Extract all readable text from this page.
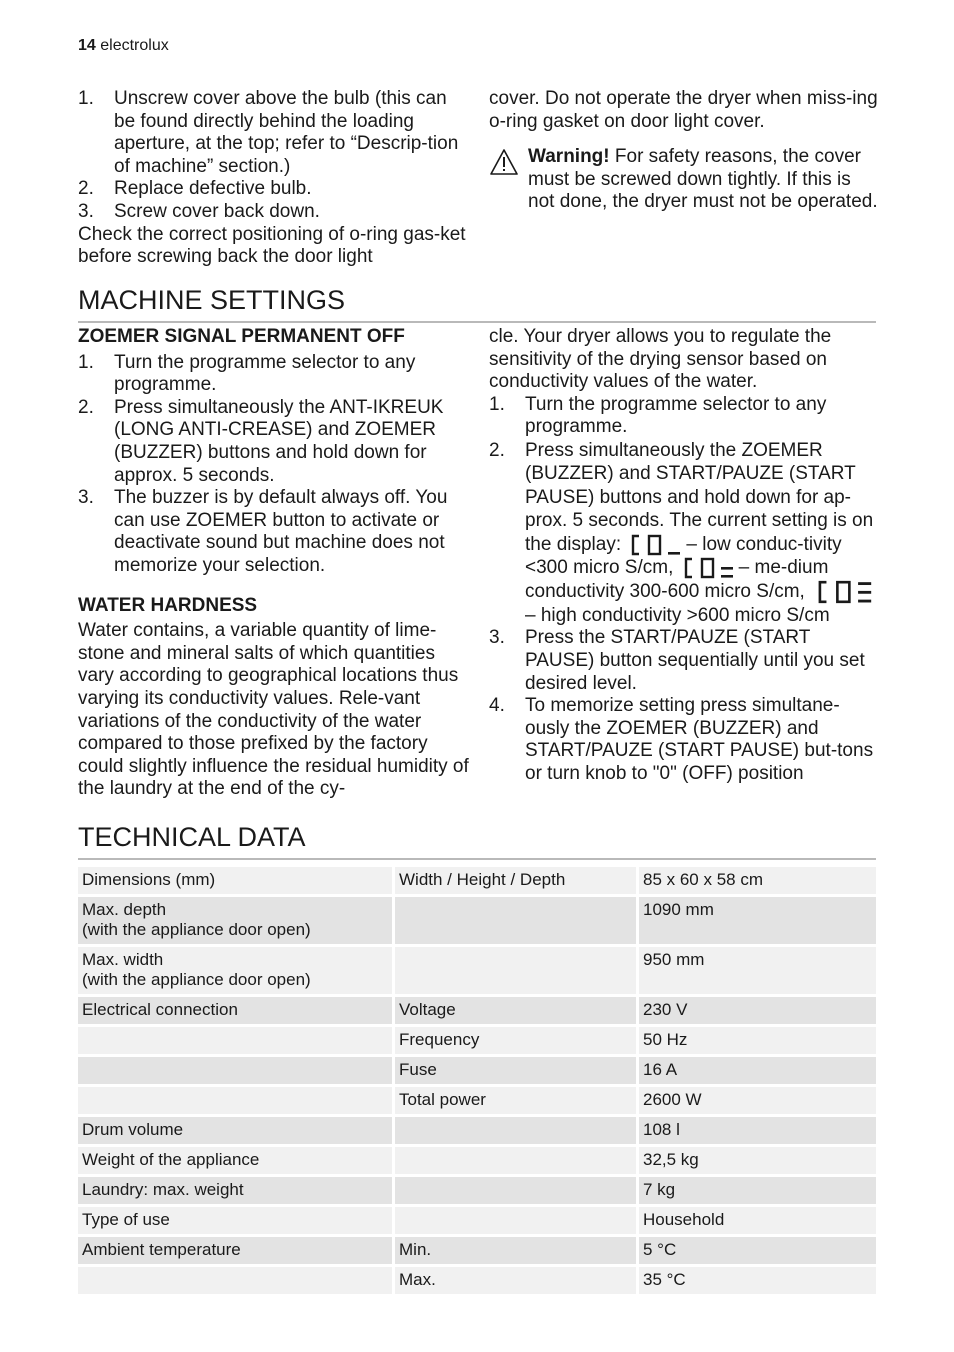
14 electrolux
1. Unscrew cover above the bulb (this can be found directly behind the loading aperture, at the top; refer to “Descrip-tion of machine” section.)
2. Replace defective bulb.
3. Screw cover back down.

Check the correct positioning of o-ring gas-ket before screwing back the door light

cover. Do not operate the dryer when miss-ing o-ring gasket on door light cover.

Warning! For safety reasons, the cover must be screwed down tightly. If this is not done, the dryer must not be operated.
MACHINE SETTINGS
ZOEMER SIGNAL PERMANENT OFF
1. Turn the programme selector to any programme.
2. Press simultaneously the ANT-IKREUK (LONG ANTI-CREASE) and ZOEMER (BUZZER) buttons and hold down for approx. 5 seconds.
3. The buzzer is by default always off. You can use ZOEMER button to activate or deactivate sound but machine does not memorize your selection.
WATER HARDNESS

Water contains, a variable quantity of lime-stone and mineral salts of which quantities vary according to geographical locations thus varying its conductivity values. Rele-vant variations of the conductivity of the water compared to those prefixed by the factory could slightly influence the residual humidity of the laundry at the end of the cy-

cle. Your dryer allows you to regulate the sensitivity of the drying sensor based on conductivity values of the water.

1. Turn the programme selector to any programme.
2. Press simultaneously the ZOEMER (BUZZER) and START/PAUZE (START PAUSE) buttons and hold down for ap-prox. 5 seconds. The current setting is on the display:	– low conduc-tivity <300 micro S/cm,	– me-dium conductivity 300-600 micro S/cm, – high conductivity >600 micro S/cm
3. Press the START/PAUZE (START PAUSE) button sequentially until you set desired level.
4. To memorize setting press simultane-ously the ZOEMER (BUZZER) and START/PAUZE (START PAUSE) but-tons or turn knob to "0" (OFF) position
TECHNICAL DATA
Dimensions (mm)	Width / Height / Depth	85 x 60 x 58 cm
Max. depth
(with the appliance door open)		1090 mm
Max. width
(with the appliance door open)		950 mm
Electrical connection	Voltage	230 V
	Frequency	50 Hz
	Fuse	16 A
	Total power	2600 W
Drum volume		108 l
Weight of the appliance		32,5 kg
Laundry: max. weight		7 kg
Type of use		Household
Ambient temperature	Min.	5 °C
	Max.	35 °C
